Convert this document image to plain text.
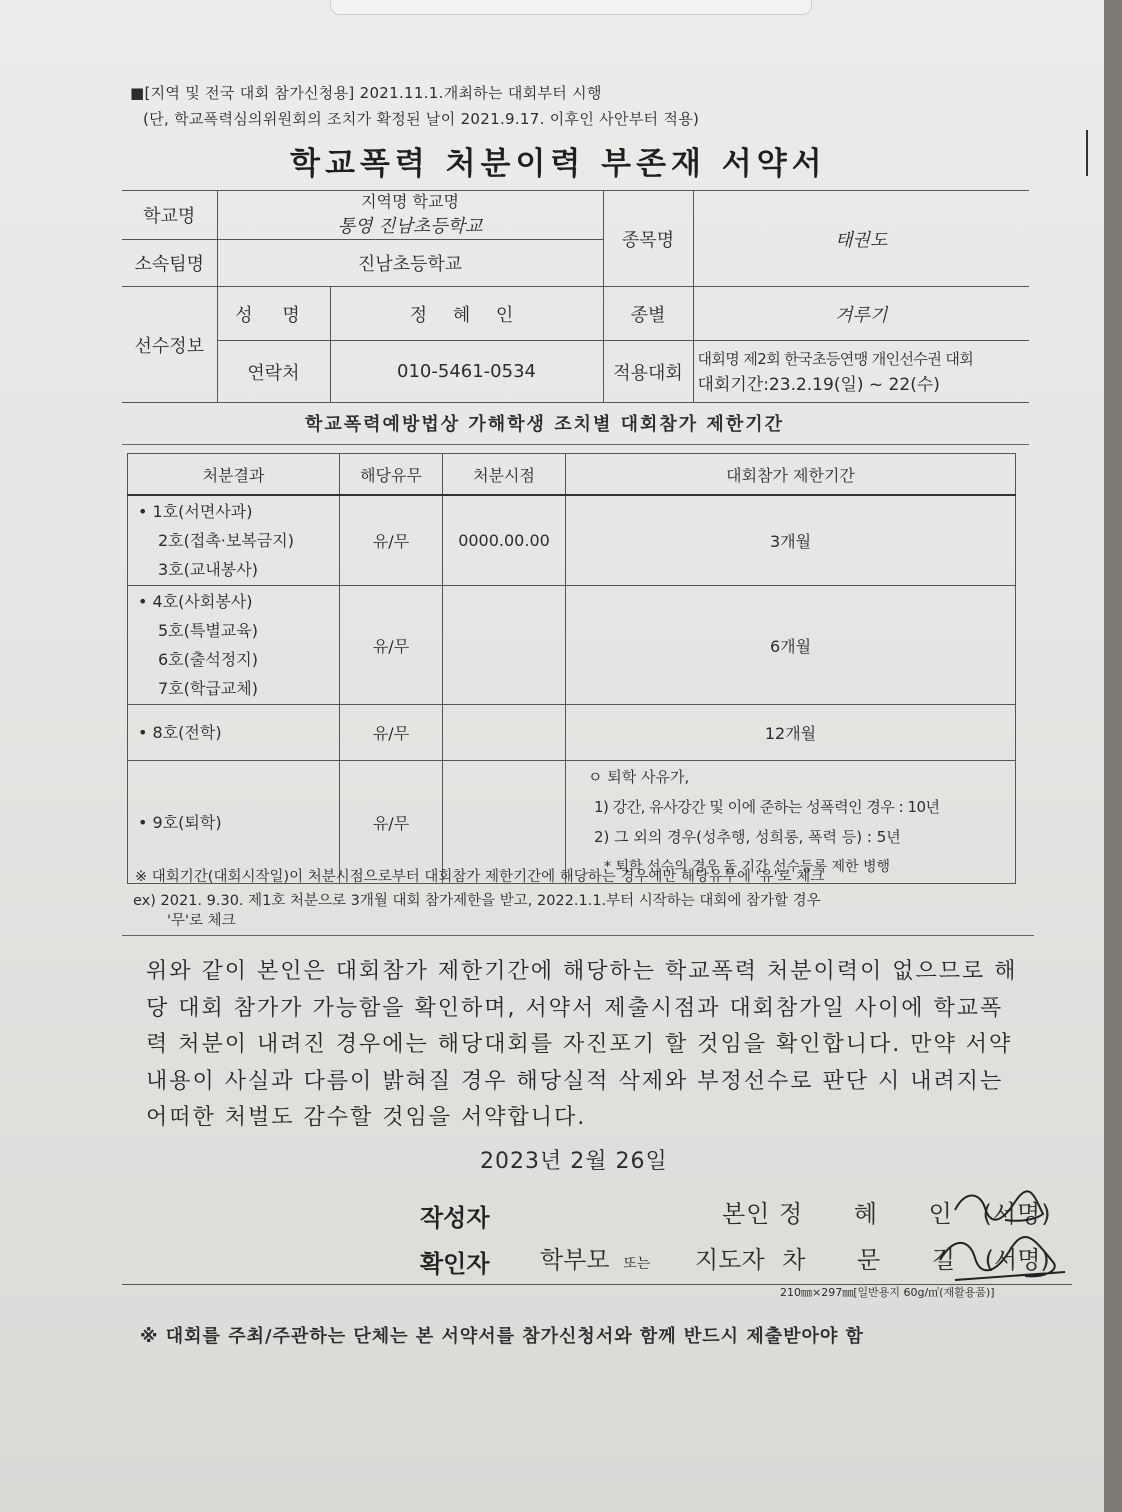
■[지역 및 전국 대회 참가신청용] 2021.11.1.개최하는 대회부터 시행
(단, 학교폭력심의위원회의 조치가 확정된 날이 2021.9.17. 이후인 사안부터 적용)
학교폭력 처분이력 부존재 서약서
학교명	지역명 학교명
통영 진남초등학교		종목명	태권도
소속팀명	진남초등학교			
선수정보	성 명	정 혜 인	종별	겨루기
	연락처	010-5461-0534	적용대회	대회명 제2회 한국초등연맹 개인선수권 대회
대회기간:23.2.19(일) ~ 22(수)
학교폭력예방법상 가해학생 조치별 대회참가 제한기간
처분결과	해당유무	처분시점	대회참가 제한기간
• 1호(서면사과)
2호(접촉·보복금지)
3호(교내봉사)	유/무	0000.00.00	3개월
• 4호(사회봉사)
5호(특별교육)
6호(출석정지)
7호(학급교체)	유/무		6개월
• 8호(전학)	유/무		12개월
• 9호(퇴학)	유/무		ㅇ 퇴학 사유가,
1) 강간, 유사강간 및 이에 준하는 성폭력인 경우 : 10년
2) 그 외의 경우(성추행, 성희롱, 폭력 등) : 5년
* 퇴학 선수의 경우 동 기간 선수등록 제한 병행
※ 대회기간(대회시작일)이 처분시점으로부터 대회참가 제한기간에 해당하는 경우에만 해당유무에 '유'로 체크
ex) 2021. 9.30. 제1호 처분으로 3개월 대회 참가제한을 받고, 2022.1.1.부터 시작하는 대회에 참가할 경우
'무'로 체크
위와 같이 본인은 대회참가 제한기간에 해당하는 학교폭력 처분이력이 없으므로 해당 대회 참가가 가능함을 확인하며, 서약서 제출시점과 대회참가일 사이에 학교폭력 처분이 내려진 경우에는 해당대회를 자진포기 할 것임을 확인합니다. 만약 서약내용이 사실과 다름이 밝혀질 경우 해당실적 삭제와 부정선수로 판단 시 내려지는 어떠한 처벌도 감수할 것임을 서약합니다.
2023년 2월 26일
작성자	본인 정 혜 인 (서명)
확인자 학부모 또는 지도자 차 문 길 (서명)
210㎜×297㎜[일반용지 60g/㎡(재활용품)]
※ 대회를 주최/주관하는 단체는 본 서약서를 참가신청서와 함께 반드시 제출받아야 함
